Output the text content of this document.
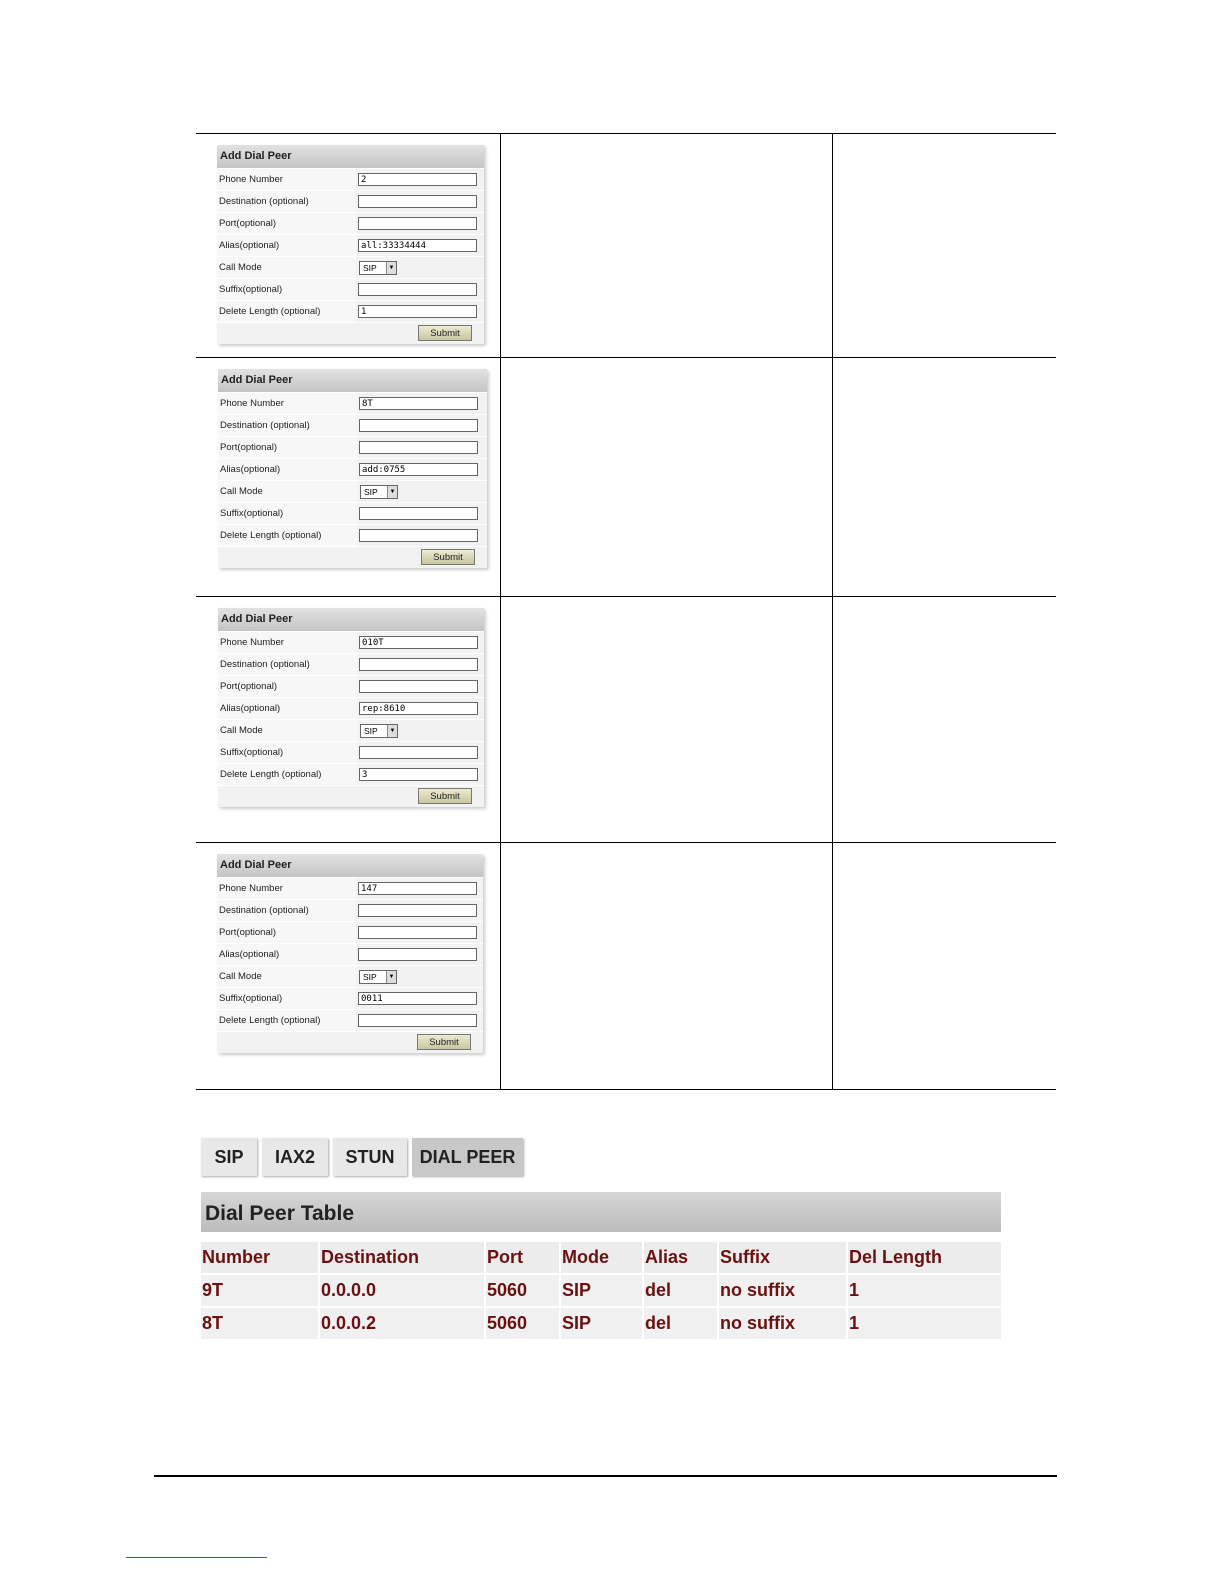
Add Dial Peer
Phone Number	2
Destination (optional)
Port(optional)
Alias(optional)	all:33334444
Call Mode	SIP	▼
Suffix(optional)
Delete Length (optional)	1
Submit
Add Dial Peer
Phone Number	8T
Destination (optional)
Port(optional)
Alias(optional)	add:0755
Call Mode	SIP	▼
Suffix(optional)
Delete Length (optional)
Submit
Add Dial Peer
Phone Number	010T
Destination (optional)
Port(optional)
Alias(optional)	rep:8610
Call Mode	SIP	▼
Suffix(optional)
Delete Length (optional)	3
Submit
Add Dial Peer
Phone Number	147
Destination (optional)
Port(optional)
Alias(optional)
Call Mode	SIP	▼
Suffix(optional)	0011
Delete Length (optional)
Submit
SIP	IAX2	STUN	DIAL PEER
Dial Peer Table
Number	Destination	Port	Mode	Alias	Suffix	Del Length
9T	0.0.0.0	5060	SIP	del	no suffix	1
8T	0.0.0.2	5060	SIP	del	no suffix	1
